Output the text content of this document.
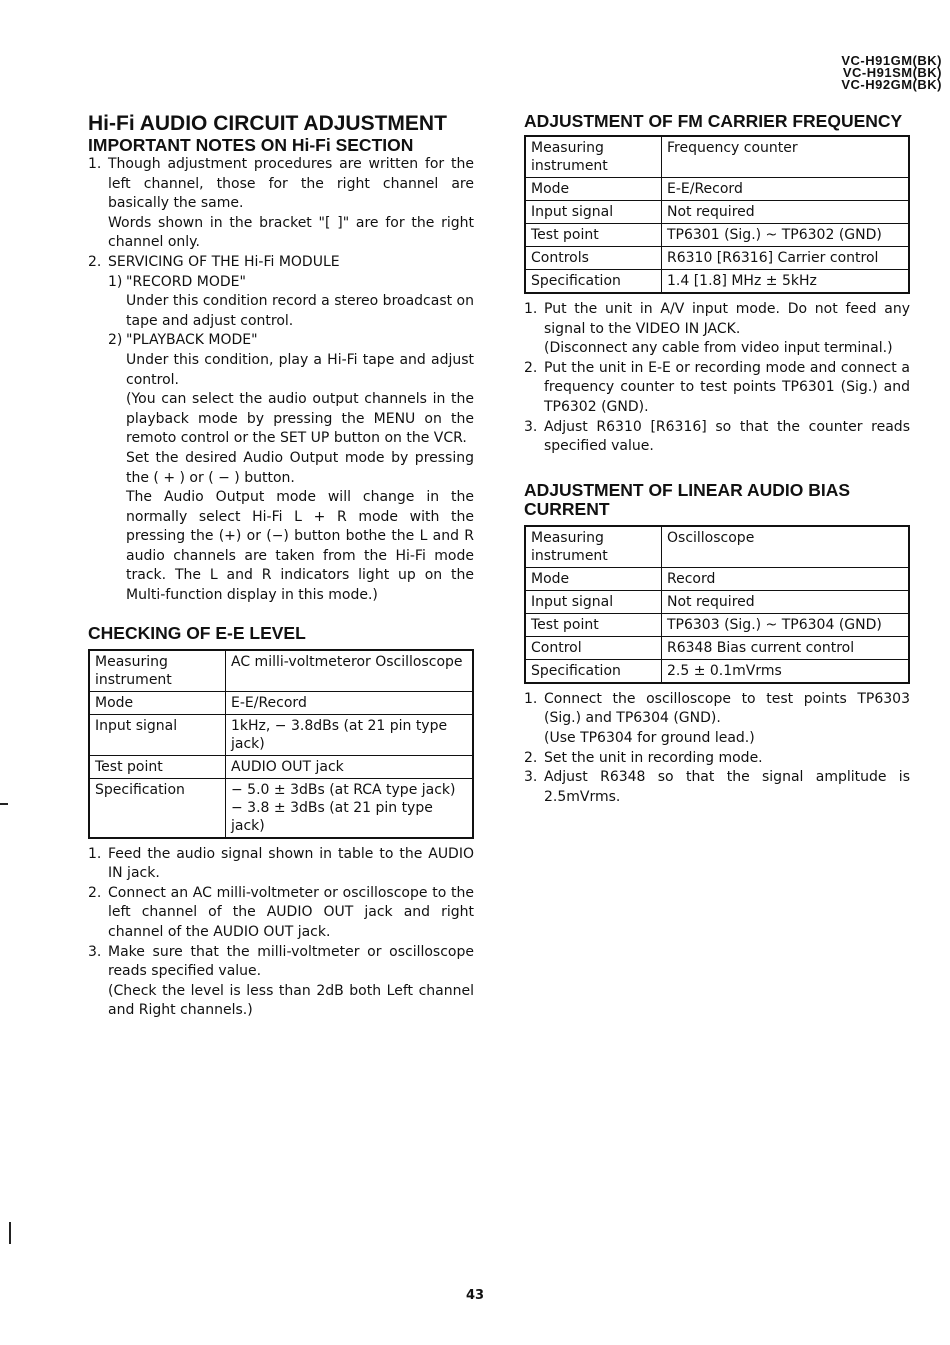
VC-H91GM(BK)
VC-H91SM(BK)
VC-H92GM(BK)
Hi-Fi AUDIO CIRCUIT ADJUSTMENT
IMPORTANT NOTES ON Hi-Fi SECTION
1. Though adjustment procedures are written for the left channel, those for the right channel are basically the same.
Words shown in the bracket "[ ]" are for the right channel only.
2. SERVICING OF THE Hi-Fi MODULE
1) "RECORD MODE"
Under this condition record a stereo broadcast on tape and adjust control.
2) "PLAYBACK MODE"
Under this condition, play a Hi-Fi tape and adjust control.
(You can select the audio output channels in the playback mode by pressing the MENU on the remoto control or the SET UP button on the VCR.
Set the desired Audio Output mode by pressing the ( + ) or ( − ) button.
The Audio Output mode will change in the normally select Hi-Fi L + R mode with the pressing the (+) or (−) button bothe the L and R audio channels are taken from the Hi-Fi mode track. The L and R indicators light up on the Multi-function display in this mode.)
CHECKING OF E-E LEVEL
Measuring instrument	AC milli-voltmeteror Oscilloscope
Mode	E-E/Record
Input signal	1kHz, − 3.8dBs (at 21 pin type jack)
Test point	AUDIO OUT jack
Specification	− 5.0 ± 3dBs (at RCA type jack)
− 3.8 ± 3dBs (at 21 pin type jack)
1. Feed the audio signal shown in table to the AUDIO IN jack.
2. Connect an AC milli-voltmeter or oscilloscope to the left channel of the AUDIO OUT jack and right channel of the AUDIO OUT jack.
3. Make sure that the milli-voltmeter or oscilloscope reads specified value.
(Check the level is less than 2dB both Left channel and Right channels.)
ADJUSTMENT OF FM CARRIER FREQUENCY
Measuring instrument	Frequency counter
Mode	E-E/Record
Input signal	Not required
Test point	TP6301 (Sig.) ~ TP6302 (GND)
Controls	R6310 [R6316] Carrier control
Specification	1.4 [1.8] MHz ± 5kHz
1. Put the unit in A/V input mode. Do not feed any signal to the VIDEO IN JACK.
(Disconnect any cable from video input terminal.)
2. Put the unit in E-E or recording mode and connect a frequency counter to test points TP6301 (Sig.) and TP6302 (GND).
3. Adjust R6310 [R6316] so that the counter reads specified value.
ADJUSTMENT OF LINEAR AUDIO BIAS CURRENT
Measuring instrument	Oscilloscope
Mode	Record
Input signal	Not required
Test point	TP6303 (Sig.) ~ TP6304 (GND)
Control	R6348 Bias current control
Specification	2.5 ± 0.1mVrms
1. Connect the oscilloscope to test points TP6303 (Sig.) and TP6304 (GND).
(Use TP6304 for ground lead.)
2. Set the unit in recording mode.
3. Adjust R6348 so that the signal amplitude is 2.5mVrms.
43
